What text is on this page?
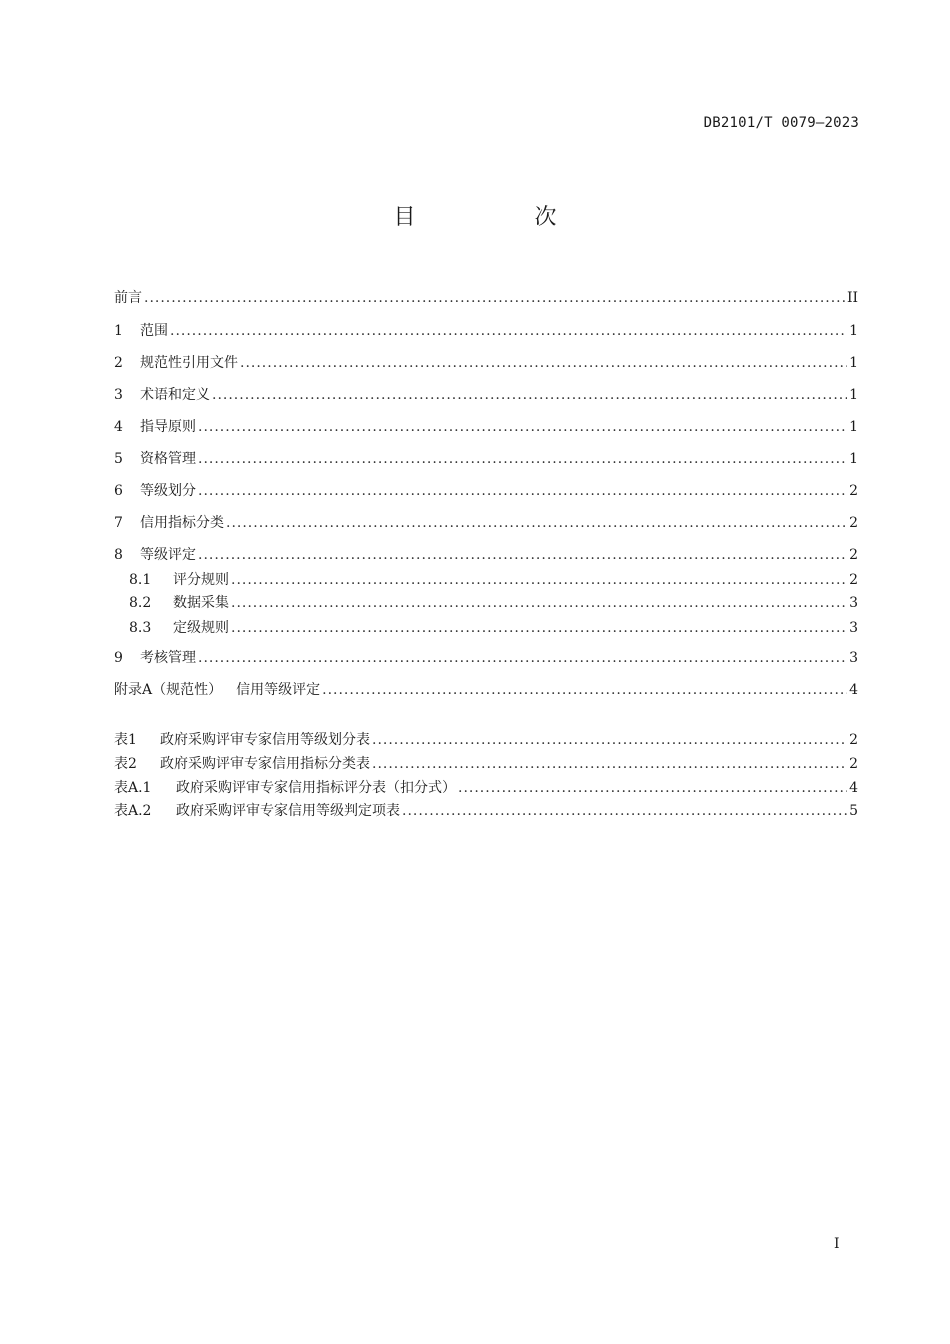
DB2101/T 0079—2023
目 次
前言 .....	II
1	范围 .....	1
2	规范性引用文件 .....	1
3	术语和定义 .....	1
4	指导原则 .....	1
5	资格管理 .....	1
6	等级划分 .....	2
7	信用指标分类 .....	2
8	等级评定 .....	2
8.1	评分规则 .....	2
8.2	数据采集 .....	3
8.3	定级规则 .....	3
9	考核管理 .....	3
附录A（规范性） 信用等级评定 .....	4
表1	政府采购评审专家信用等级划分表 .....	2
表2	政府采购评审专家信用指标分类表 .....	2
表A.1	政府采购评审专家信用指标评分表（扣分式） .....	4
表A.2	政府采购评审专家信用等级判定项表 .....	5
I
